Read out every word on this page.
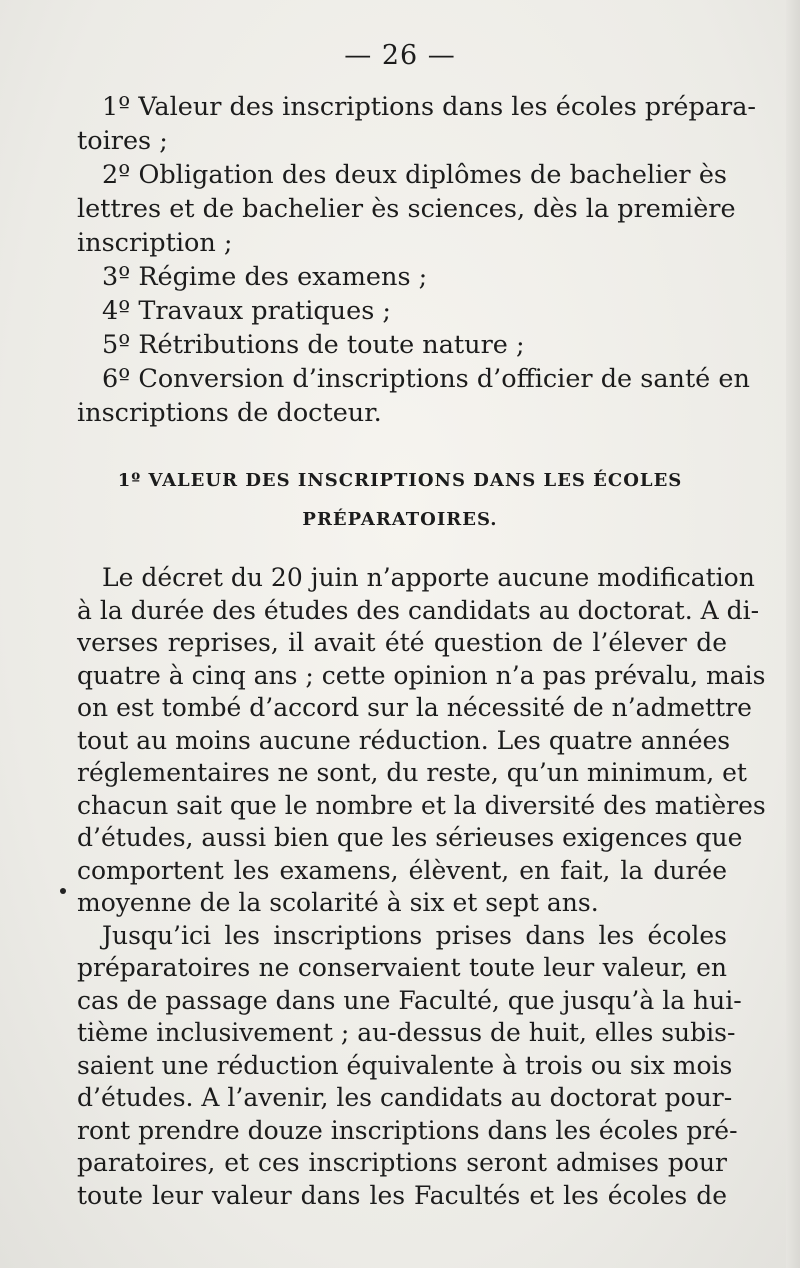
— 26 —
1º Valeur des inscriptions dans les écoles prépara-
toires ;
2º Obligation des deux diplômes de bachelier ès
lettres et de bachelier ès sciences, dès la première
inscription ;
3º Régime des examens ;
4º Travaux pratiques ;
5º Rétributions de toute nature ;
6º Conversion d’inscriptions d’officier de santé en
inscriptions de docteur.
1º VALEUR DES INSCRIPTIONS DANS LES ÉCOLES
PRÉPARATOIRES.
Le décret du 20 juin n’apporte aucune modification
à la durée des études des candidats au doctorat. A di-
verses reprises, il avait été question de l’élever de
quatre à cinq ans ; cette opinion n’a pas prévalu, mais
on est tombé d’accord sur la nécessité de n’admettre
tout au moins aucune réduction. Les quatre années
réglementaires ne sont, du reste, qu’un minimum, et
chacun sait que le nombre et la diversité des matières
d’études, aussi bien que les sérieuses exigences que
comportent les examens, élèvent, en fait, la durée
moyenne de la scolarité à six et sept ans.
Jusqu’ici les inscriptions prises dans les écoles
préparatoires ne conservaient toute leur valeur, en
cas de passage dans une Faculté, que jusqu’à la hui-
tième inclusivement ; au-dessus de huit, elles subis-
saient une réduction équivalente à trois ou six mois
d’études. A l’avenir, les candidats au doctorat pour-
ront prendre douze inscriptions dans les écoles pré-
paratoires, et ces inscriptions seront admises pour
toute leur valeur dans les Facultés et les écoles de
